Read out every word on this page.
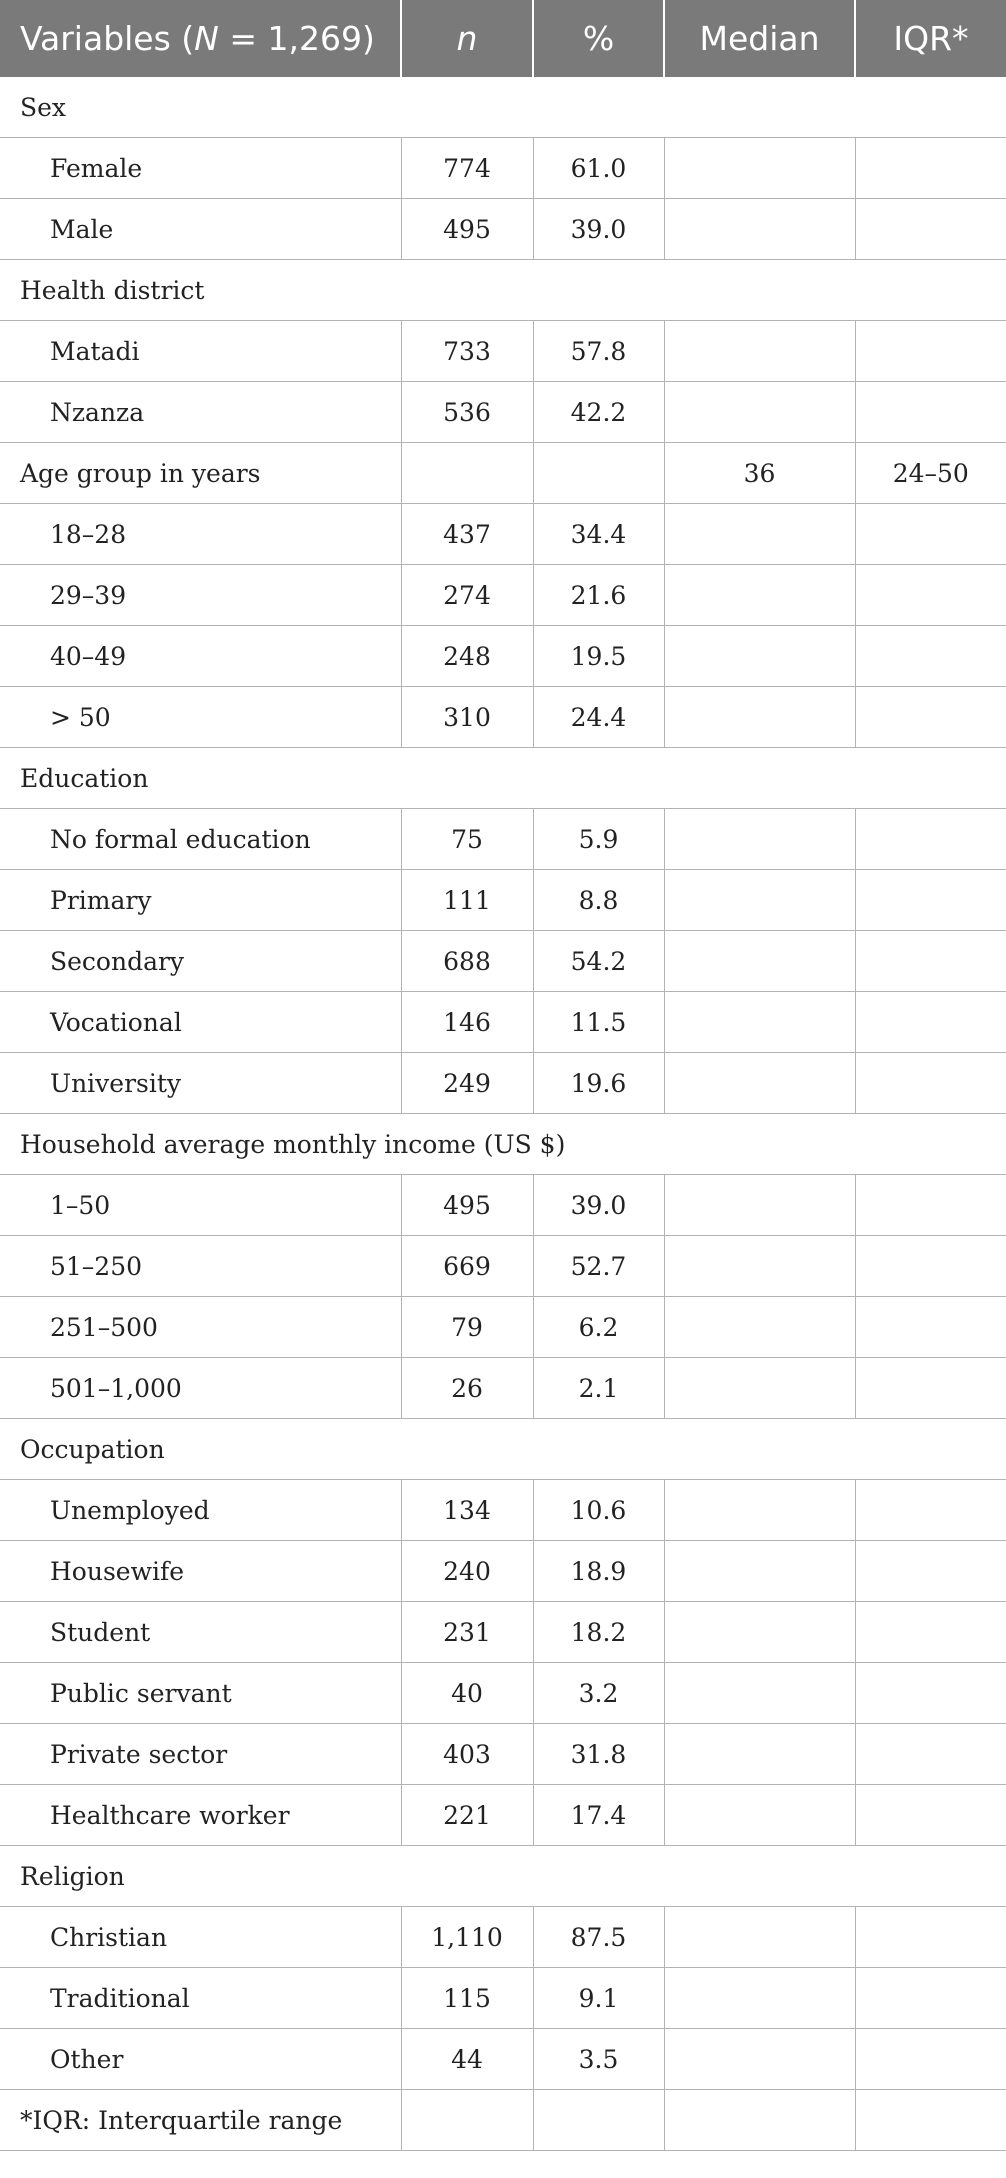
Variables (N = 1,269)	n	%	Median	IQR*
Sex				
Female	774	61.0		
Male	495	39.0		
Health district				
Matadi	733	57.8		
Nzanza	536	42.2		
Age group in years			36	24–50
18–28	437	34.4		
29–39	274	21.6		
40–49	248	19.5		
> 50	310	24.4		
Education				
No formal education	75	5.9		
Primary	111	8.8		
Secondary	688	54.2		
Vocational	146	11.5		
University	249	19.6		
Household average monthly income (US $)				
1–50	495	39.0		
51–250	669	52.7		
251–500	79	6.2		
501–1,000	26	2.1		
Occupation				
Unemployed	134	10.6		
Housewife	240	18.9		
Student	231	18.2		
Public servant	40	3.2		
Private sector	403	31.8		
Healthcare worker	221	17.4		
Religion				
Christian	1,110	87.5		
Traditional	115	9.1		
Other	44	3.5		
*IQR: Interquartile range				
